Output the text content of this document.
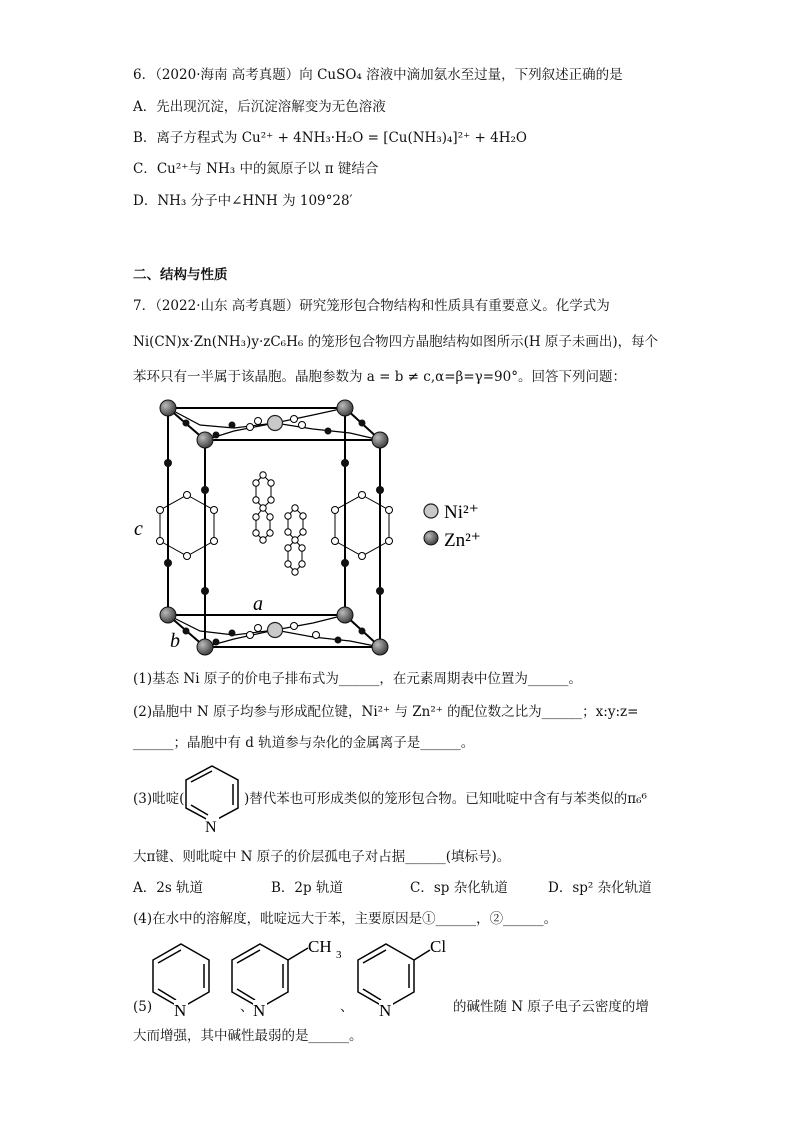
6．（2020·海南 高考真题）向 CuSO₄ 溶液中滴加氨水至过量，下列叙述正确的是
A．先出现沉淀，后沉淀溶解变为无色溶液
B．离子方程式为 Cu²⁺ + 4NH₃·H₂O = [Cu(NH₃)₄]²⁺ + 4H₂O
C．Cu²⁺与 NH₃ 中的氮原子以 π 键结合
D．NH₃ 分子中∠HNH 为 109°28′
二、结构与性质
7．（2022·山东 高考真题）研究笼形包合物结构和性质具有重要意义。化学式为
Ni(CN)x·Zn(NH₃)y·zC₆H₆ 的笼形包合物四方晶胞结构如图所示(H 原子未画出)，每个
苯环只有一半属于该晶胞。晶胞参数为 a = b ≠ c,α=β=γ=90°。回答下列问题：
c
a
b
Ni²⁺
Zn²⁺
(1)基态 Ni 原子的价电子排布式为______，在元素周期表中位置为______。
(2)晶胞中 N 原子均参与形成配位键，Ni²⁺ 与 Zn²⁺ 的配位数之比为______；x:y:z=
______；晶胞中有 d 轨道参与杂化的金属离子是______。
(3)吡啶(
N
)替代苯也可形成类似的笼形包合物。已知吡啶中含有与苯类似的π₆⁶
大π键、则吡啶中 N 原子的价层孤电子对占据______(填标号)。
A．2s 轨道	B．2p 轨道	C．sp 杂化轨道	D．sp² 杂化轨道
(4)在水中的溶解度，吡啶远大于苯，主要原因是①______，②______。
(5) N	、 N
CH 3
、 N
Cl
的碱性随 N 原子电子云密度的增
大而增强，其中碱性最弱的是______。
